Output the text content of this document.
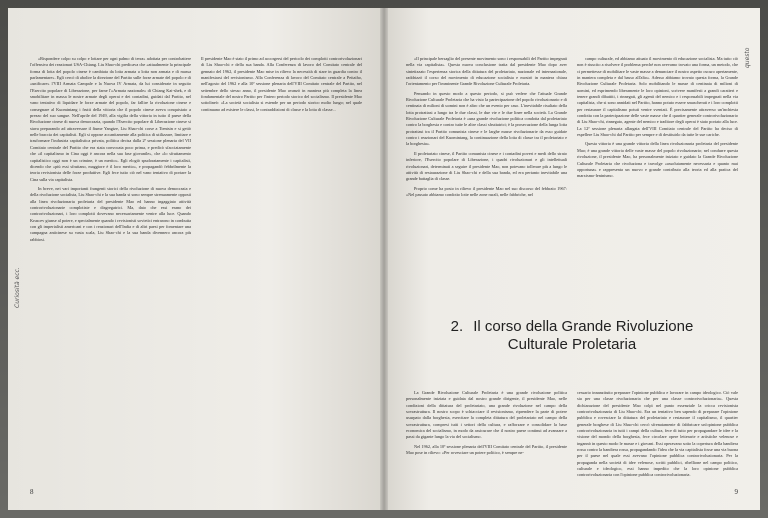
«Rispondere colpo su colpo e lottare per ogni palmo di terra» adottata per controbattere l'offensiva dei reazionari USA-Chiang. Liu Shao-chi predicava che «attualmente la principale forma di lotta del popolo cinese è cambiata da lotta armata a lotta non armata e di massa parlamentare». Egli cercò di abolire la direzione del Partito sulle forze armate del popolo e di «unificare» l'VIII Armata Campale e la Nuova IV Armata, da lui considerate in seguito l'Esercito popolare di Liberazione, per farne l'«Armata nazionale» di Chiang Kai-shek, e di smobilitare in massa le nostre armate degli operai e dei contadini, guidati dal Partito, nel vano tentativo di liquidare le forze armate del popolo, far fallire la rivoluzione cinese e consegnare al Kuomintang i frutti della vittoria che il popolo cinese aveva conquistato a prezzo del suo sangue. Nell'aprile del 1949, alla vigilia della vittoria in tutto il paese della Rivoluzione cinese di nuova democrazia, quando l'Esercito popolare di Liberazione cinese si stava preparando ad attraversare il fiume Yangtze, Liu Shao-chi corse a Tientsin e si gettò nelle braccia dei capitalisti. Egli si oppose accanitamente alla politica di utilizzare, limitare e trasformare l'industria capitalistica privata, politica decisa dalla 2ª sessione plenaria del VII Comitato centrale del Partito che era stata convocata poco prima, e predicò sfacciatamente che «il capitalismo in Cina oggi è ancora nella sua fase giovanile», che «lo sfruttamento capitalistico oggi non è un crimine, è un merito». Egli elogiò spudoratamente i capitalisti, dicendo che «più essi sfruttano, maggiore è il loro merito», e propagandò febbrilmente la teoria revisionista delle forze produttive. Egli fece tutto ciò nel vano tentativo di portare la Cina sulla via capitalista.
In breve, nei vari importanti frangenti storici della rivoluzione di nuova democrazia e della rivoluzione socialista, Liu Shao-chi e la sua banda si sono sempre strenuamente opposti alla linea rivoluzionaria proletaria del presidente Mao ed hanno ingaggiato attività controrivoluzionarie complotiste e disgregatrici. Ma, dato che essi erano dei controrivoluzionari, i loro complotti dovevano necessariamente venire alla luce. Quando Kruscev giunse al potere, e specialmente quando i revisionisti sovietici entrarono in combutta con gli imperialisti americani e con i reazionari dell'India e di altri paesi per fomentare una campagna anticinese su vasta scala, Liu Shao-chi e la sua banda divennero ancora più rabbiosi.

Il presidente Mao è stato il primo ad accorgersi del pericolo dei complotti controrivoluzionari di Liu Shao-chi e della sua banda. Alla Conferenza di lavoro del Comitato centrale del gennaio del 1962, il presidente Mao mise in rilievo la necessità di stare in guardia contro il manifestarsi del revisionismo. Alla Conferenza di lavoro del Comitato centrale a Peitaiho, nell'agosto del 1962 e alla 10ª sessione plenaria dell'VIII Comitato centrale del Partito, nel settembre dello stesso anno, il presidente Mao avanzò in maniera più completa la linea fondamentale del nostro Partito per l'intero periodo storico del socialismo. Il presidente Mao sottolineò: «La società socialista si estende per un periodo storico molto lungo; nel quale continuano ad esistere le classi, le contraddizioni di classe e la lotta di classe...

Curiosità ecc.
8

«Il principale bersaglio del presente movimento sono i responsabili del Partito impegnati nella via capitalista». Questa nuova conclusione tratta dal presidente Mao dopo aver sintetizzato l'esperienza storica della dittatura del proletariato, nazionale ed internazionale, raddrizzò il corso del movimento di educazione socialista e mostrò in maniera chiara l'orientamento per l'imminente Grande Rivoluzione Culturale Proletaria.
Pensando in questo modo a questo periodo, si può vedere che l'attuale Grande Rivoluzione Culturale Proletaria che ha visto la partecipazione del popolo rivoluzionario e di centinaia di milioni di uomini non è altro che un evento per caso. L'inevitabile risultato della lotta protrattasi a lungo tra le due classi, le due vie e le due linee nella società. La Grande Rivoluzione Culturale Proletaria è «una grande rivoluzione politica condotta dal proletariato contro la borghesia e contro tutte le altre classi sfruttatrici; è la prosecuzione della lunga lotta protrattasi tra il Partito comunista cinese e le larghe masse rivoluzionarie da esso guidate contro i reazionari del Kuomintang, la continuazione della lotta di classe tra il proletariato e la borghesia».
Il proletariato cinese, il Partito comunista cinese e i contadini poveri e medi dello strato inferiore, l'Esercito popolare di Liberazione, i quadri rivoluzionari e gli intellettuali rivoluzionari, determinati a seguire il presidente Mao, non potevano tollerare più a lungo le attività di restaurazione di Liu Shao-chi e della sua banda, ed era pertanto inevitabile una grande battaglia di classe.
Proprio come ha posto in rilievo il presidente Mao nel suo discorso del febbraio 1967: «Nel passato abbiamo condotto lotte nelle zone rurali, nelle fabbriche, nel

campo culturale, ed abbiamo attuato il movimento di educazione socialista. Ma tutto ciò non è riuscito a risolvere il problema perché non avevamo trovato una forma, un metodo, che ci permettesse di mobilitare le vaste masse a denunciare il nostro aspetto oscuro apertamente, in maniera completa e dal basso all'alto». Adesso abbiamo trovato questa forma, la Grande Rivoluzione Culturale Proletaria. Solo mobilitando le masse di centinaia di milioni di uomini, ed esprimendo liberamente le loro opinioni, scrivere manifesti a grandi caratteri e tenere grandi dibattiti, i rinnegati, gli agenti del nemico e i responsabili impegnati nella via capitalista, che si sono annidati nel Partito, hanno potuto essere smascherati e i loro complotti per restaurare il capitalismo potuti venire sventati. È precisamente attraverso un'inchiesta condotta con la partecipazione delle vaste masse che il quartier generale controrivoluzionario di Liu Shao-chi, rinnegato, agente del nemico e traditore degli operai è stato portato alla luce. La 12ª sessione plenaria allargata dell'VIII Comitato centrale del Partito ha deciso di espellere Liu Shao-chi dal Partito per sempre e di destituirlo da tutte le sue cariche.
Questa vittoria è una grande vittoria della linea rivoluzionaria proletaria del presidente Mao; è una grande vittoria delle vaste masse del popolo rivoluzionario; nel condurre questa rivoluzione, il presidente Mao, ha personalmente iniziato e guidato la Grande Rivoluzione Culturale Proletaria che rivoluziona e travolge «assolutamente necessaria e quanto mai opportuna» e rappresenta un nuovo e grande contributo alla teoria ed alla pratica del marxismo-leninismo.

questo
2. Il corso della Grande Rivoluzione
Culturale Proletaria

La Grande Rivoluzione Culturale Proletaria è una grande rivoluzione politica personalmente iniziata e guidata dal nostro grande dirigente, il presidente Mao, nelle condizioni della dittatura del proletariato, una grande rivoluzione nel campo della sovrastruttura. Il nostro scopo è schiacciare il revisionismo, riprendere la parte di potere usurpato dalla borghesia, esercitare la completa dittatura del proletariato nel campo della sovrastruttura, compresi tutti i settori della cultura, e rafforzare e consolidare la base economica del socialismo, in modo da assicurare che il nostro paese continui ad avanzare a passi da gigante lungo la via del socialismo.
Nel 1962, alla 10ª sessione plenaria dell'VIII Comitato centrale del Partito, il presidente Mao pose in rilievo: «Per rovesciare un potere politico, è sempre ne-

cessario innanzitutto preparare l'opinione pubblica e lavorare in campo ideologico. Ciò vale sia per una classe rivoluzionaria che per una classe controrivoluzionaria». Questa dichiarazione del presidente Mao colpì nel punto essenziale la cricca revisionista controrivoluzionaria di Liu Shao-chi. Era un tentativo ben sapendo di preparare l'opinione pubblica e rovesciare la dittatura del proletariato e restaurare il capitalismo, il quartier generale borghese di Liu Shao-chi cercò sfrenatamente di fabbricare un'opinione pubblica controrivoluzionaria in tutti i campi della cultura, fece di tutto per propagandare le idee e la visione del mondo della borghesia, fece circolare opere letterarie e artistiche velenose e ingannò in questo modo le masse e i giovani. Essi operavano sotto la copertura della bandiera rossa contro la bandiera rossa, propagandando l'idea che la via capitalista fosse una via buona per il paese nel quale essi avevano l'opinione pubblica controrivoluzionaria. Per la propaganda nella società di idee velenose, scritti pubblici, ribellione nel campo politico, culturale e ideologico, essi hanno impedito che la loro opinione pubblica controrivoluzionaria con l'opinione pubblica controrivoluzionaria.

9
